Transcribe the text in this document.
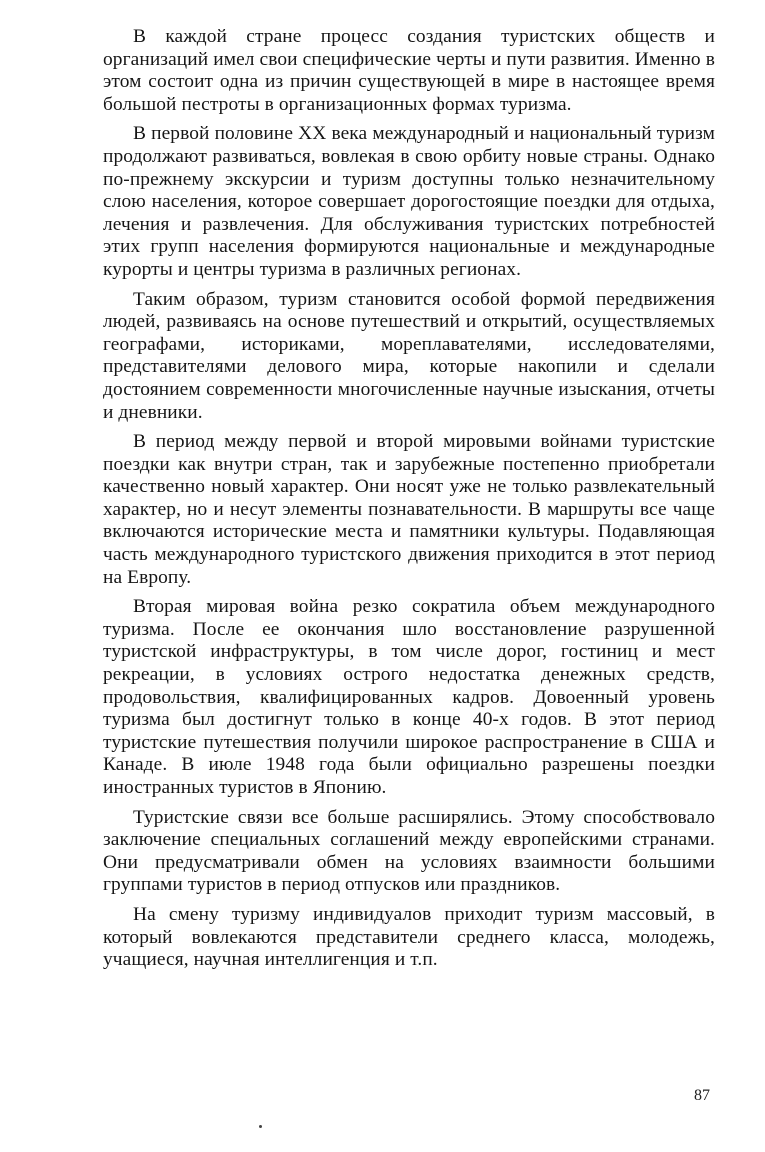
В каждой стране процесс создания туристских обществ и организаций имел свои специфические черты и пути развития. Именно в этом состоит одна из причин существующей в мире в настоящее время большой пестроты в организационных формах туризма.

В первой половине XX века международный и национальный туризм продолжают развиваться, вовлекая в свою орбиту новые страны. Однако по-прежнему экскурсии и туризм доступны только незначительному слою населения, которое совершает дорогостоящие поездки для отдыха, лечения и развлечения. Для обслуживания туристских потребностей этих групп населения формируются национальные и международные курорты и центры туризма в различных регионах.

Таким образом, туризм становится особой формой передвижения людей, развиваясь на основе путешествий и открытий, осуществляемых географами, историками, мореплавателями, исследователями, представителями делового мира, которые накопили и сделали достоянием современности многочисленные научные изыскания, отчеты и дневники.

В период между первой и второй мировыми войнами туристские поездки как внутри стран, так и зарубежные постепенно приобретали качественно новый характер. Они носят уже не только развлекательный характер, но и несут элементы познавательности. В маршруты все чаще включаются исторические места и памятники культуры. Подавляющая часть международного туристского движения приходится в этот период на Европу.

Вторая мировая война резко сократила объем международного туризма. После ее окончания шло восстановление разрушенной туристской инфраструктуры, в том числе дорог, гостиниц и мест рекреации, в условиях острого недостатка денежных средств, продовольствия, квалифицированных кадров. Довоенный уровень туризма был достигнут только в конце 40-х годов. В этот период туристские путешествия получили широкое распространение в США и Канаде. В июле 1948 года были официально разрешены поездки иностранных туристов в Японию.

Туристские связи все больше расширялись. Этому способствовало заключение специальных соглашений между европейскими странами. Они предусматривали обмен на условиях взаимности большими группами туристов в период отпусков или праздников.

На смену туризму индивидуалов приходит туризм массовый, в который вовлекаются представители среднего класса, молодежь, учащиеся, научная интеллигенция и т.п.

87
